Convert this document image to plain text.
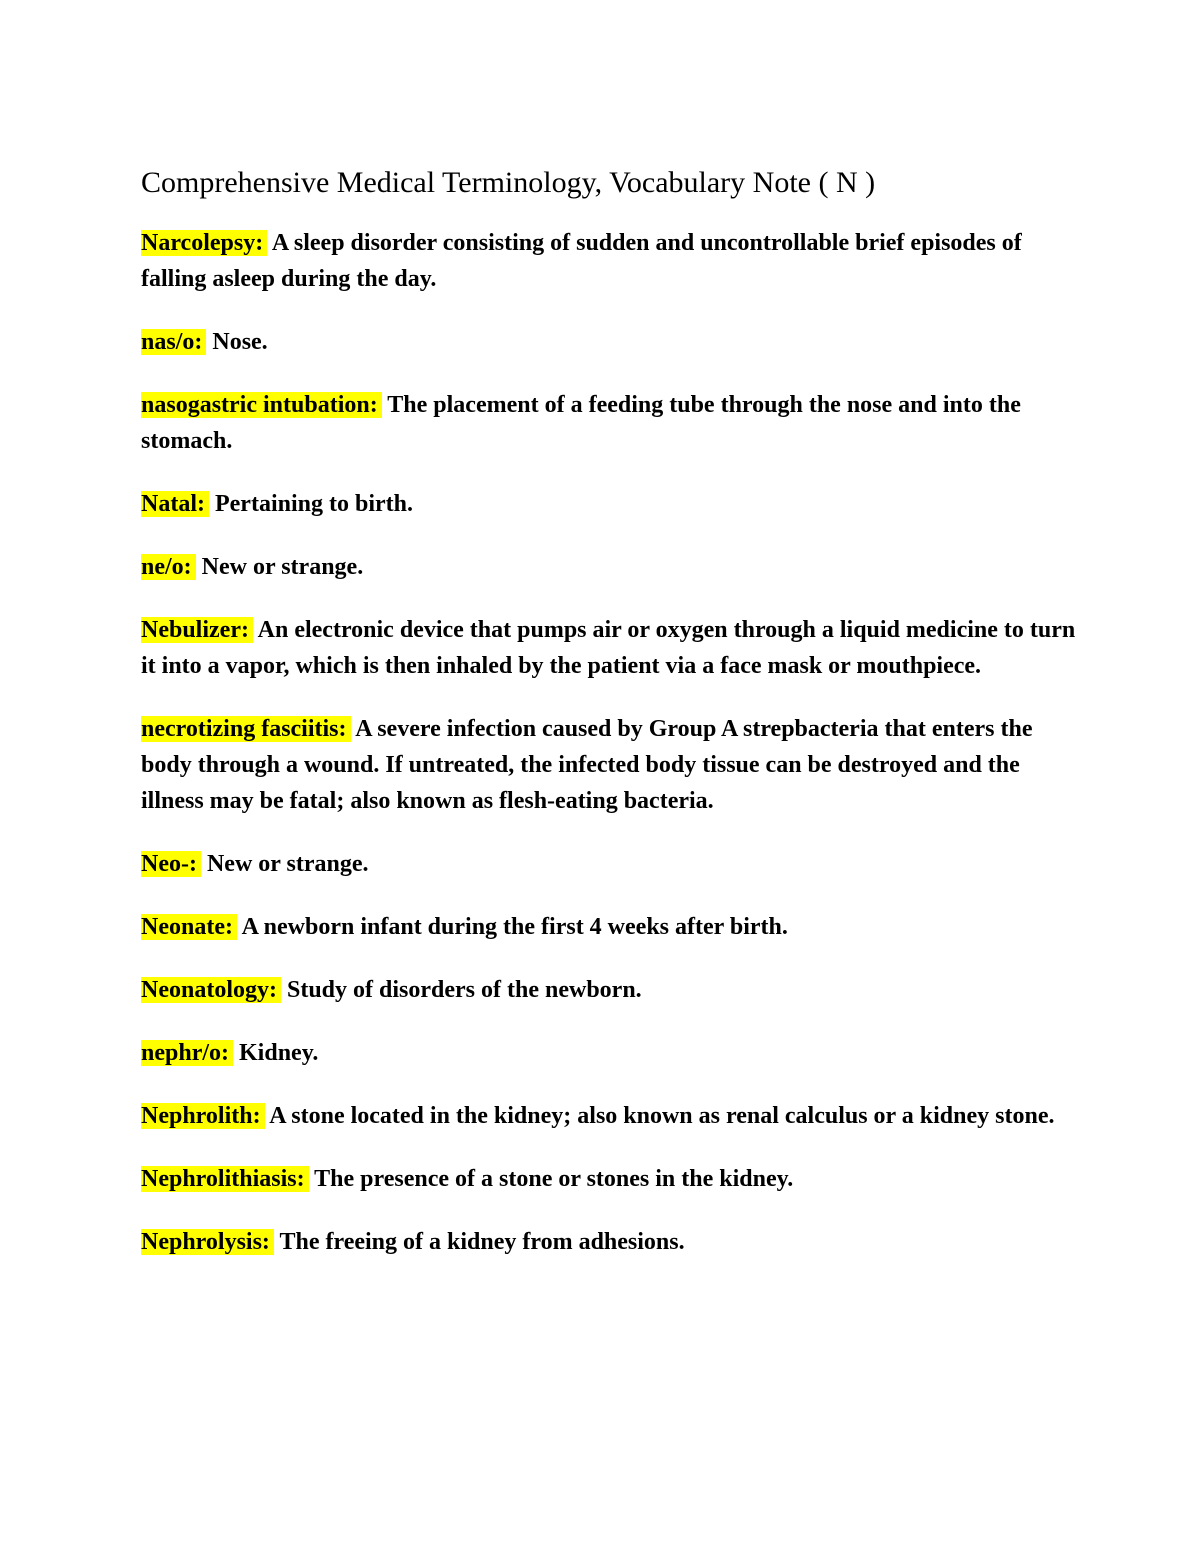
Comprehensive Medical Terminology, Vocabulary Note ( N )

Narcolepsy: A sleep disorder consisting of sudden and uncontrollable brief episodes of falling asleep during the day.

nas/o: Nose.

nasogastric intubation: The placement of a feeding tube through the nose and into the stomach.

Natal: Pertaining to birth.

ne/o: New or strange.

Nebulizer: An electronic device that pumps air or oxygen through a liquid medicine to turn it into a vapor, which is then inhaled by the patient via a face mask or mouthpiece.

necrotizing fasciitis: A severe infection caused by Group A strepbacteria that enters the body through a wound. If untreated, the infected body tissue can be destroyed and the illness may be fatal; also known as flesh-eating bacteria.

Neo-: New or strange.

Neonate: A newborn infant during the first 4 weeks after birth.

Neonatology: Study of disorders of the newborn.

nephr/o: Kidney.

Nephrolith: A stone located in the kidney; also known as renal calculus or a kidney stone.

Nephrolithiasis: The presence of a stone or stones in the kidney.

Nephrolysis: The freeing of a kidney from adhesions.
